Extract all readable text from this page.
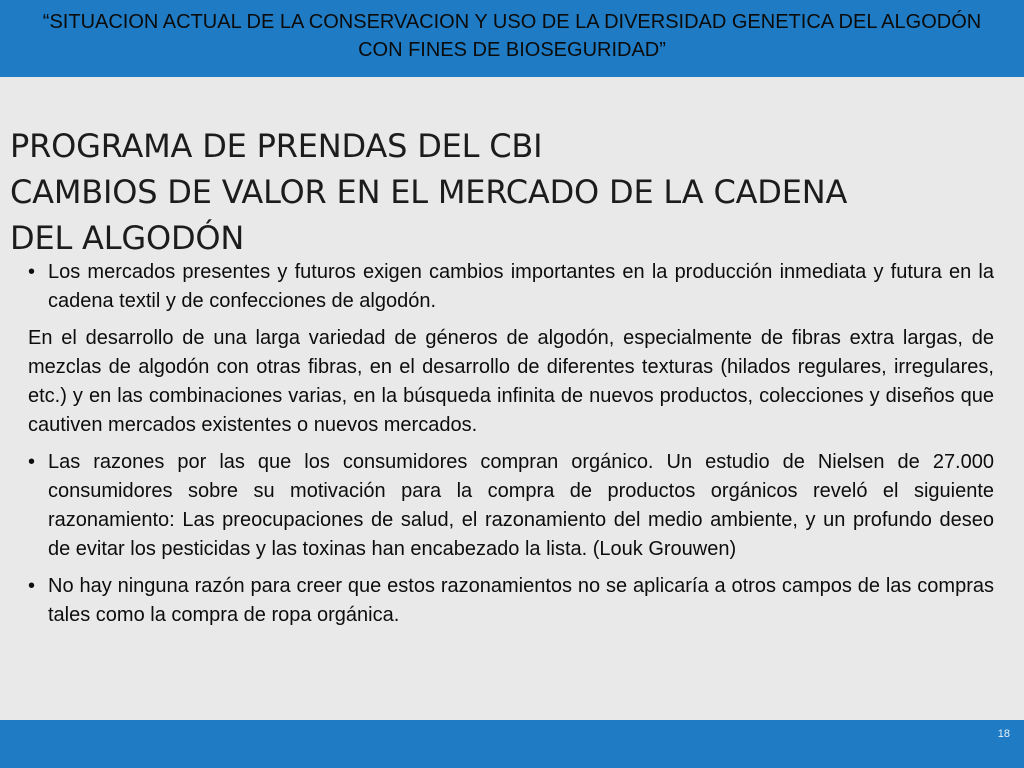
“SITUACION ACTUAL DE LA CONSERVACION Y USO DE LA DIVERSIDAD GENETICA DEL ALGODÓN
CON FINES DE BIOSEGURIDAD”
PROGRAMA DE PRENDAS DEL CBI
CAMBIOS DE VALOR EN EL MERCADO DE LA CADENA
DEL ALGODÓN

• Los mercados presentes y futuros exigen cambios importantes en la producción inmediata y futura en la cadena textil y de confecciones de algodón.

En el desarrollo de una larga variedad de géneros de algodón, especialmente de fibras extra largas, de mezclas de algodón con otras fibras, en el desarrollo de diferentes texturas (hilados regulares, irregulares, etc.) y en las combinaciones varias, en la búsqueda infinita de nuevos productos, colecciones y diseños que cautiven mercados existentes o nuevos mercados.

• Las razones por las que los consumidores compran orgánico. Un estudio de Nielsen de 27.000 consumidores sobre su motivación para la compra de productos orgánicos reveló el siguiente razonamiento: Las preocupaciones de salud, el razonamiento del medio ambiente, y un profundo deseo de evitar los pesticidas y las toxinas han encabezado la lista. (Louk Grouwen)

• No hay ninguna razón para creer que estos razonamientos no se aplicaría a otros campos de las compras tales como la compra de ropa orgánica.

18
